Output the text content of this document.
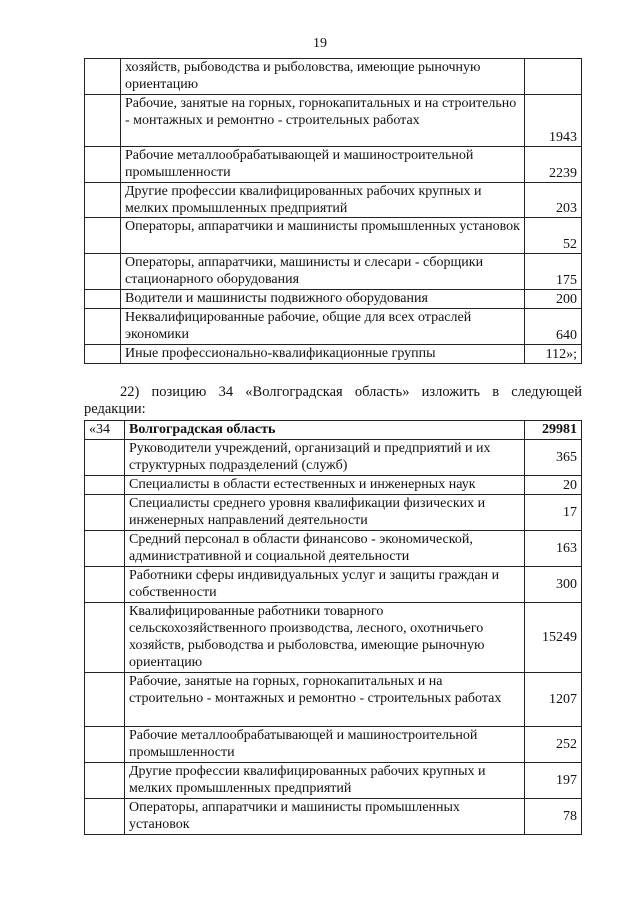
19
	хозяйств, рыбоводства и рыболовства, имеющие рыночную ориентацию	
	Рабочие, занятые на горных, горнокапитальных и на строительно - монтажных и ремонтно - строительных работах	1943
	Рабочие металлообрабатывающей и машиностроительной промышленности	2239
	Другие профессии квалифицированных рабочих крупных и мелких промышленных предприятий	203
	Операторы, аппаратчики и машинисты промышленных установок	52
	Операторы, аппаратчики, машинисты и слесари - сборщики стационарного оборудования	175
	Водители и машинисты подвижного оборудования	200
	Неквалифицированные рабочие, общие для всех отраслей экономики	640
	Иные профессионально-квалификационные группы	112»;
22) позицию 34 «Волгоградская область» изложить в следующей редакции:
«34	Волгоградская область	29981
	Руководители учреждений, организаций и предприятий и их структурных подразделений (служб)	365
	Специалисты в области естественных и инженерных наук	20
	Специалисты среднего уровня квалификации физических и инженерных направлений деятельности	17
	Средний персонал в области финансово - экономической, административной и социальной деятельности	163
	Работники сферы индивидуальных услуг и защиты граждан и собственности	300
	Квалифицированные работники товарного сельскохозяйственного производства, лесного, охотничьего хозяйств, рыбоводства и рыболовства, имеющие рыночную ориентацию	15249
	Рабочие, занятые на горных, горнокапитальных и на строительно - монтажных и ремонтно - строительных работах	1207
	Рабочие металлообрабатывающей и машиностроительной промышленности	252
	Другие профессии квалифицированных рабочих крупных и мелких промышленных предприятий	197
	Операторы, аппаратчики и машинисты промышленных установок	78
